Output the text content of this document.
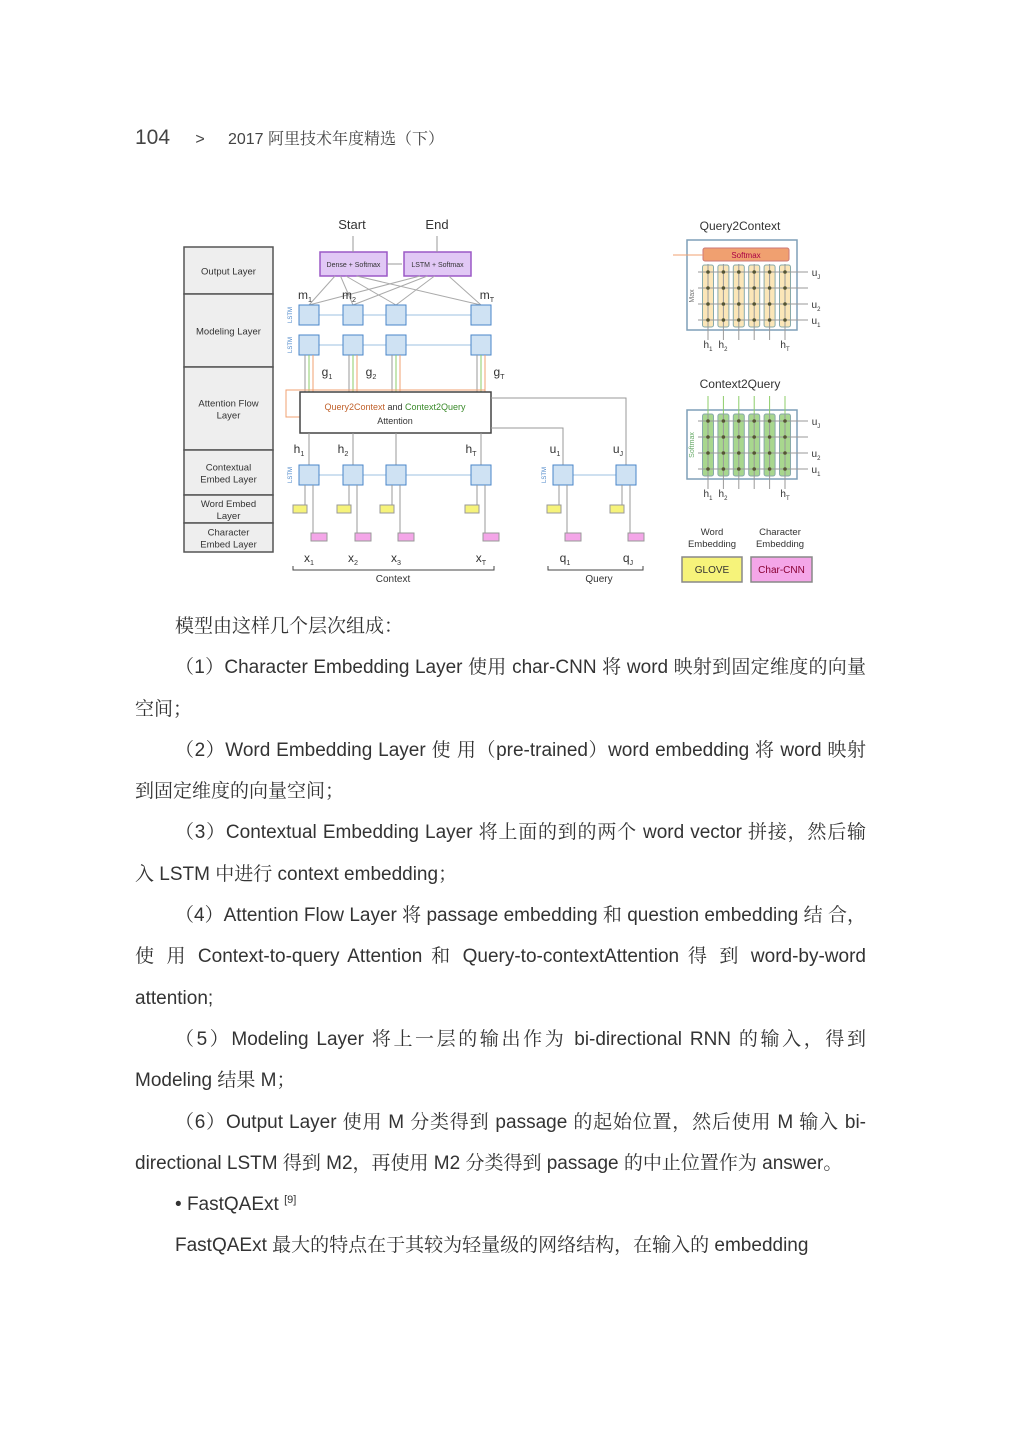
104 > 2017 阿里技术年度精选（下）
Output Layer
Modeling Layer
Attention Flow
Layer
Contextual
Embed Layer
Word Embed
Layer
Character
Embed Layer
Dense + Softmax	LSTM + Softmax
Start	End
LSTM
LSTM
$m_1$	$m_2$	$m_T$
$g_1$	$g_2$	$g_T$
Query2Context and Context2Query
Attention
LSTM	LSTM
$h_1$	$h_2$	$h_T$	$u_1$	$u_J$
$x_1$	$x_2$	$x_3$	$x_T$	$q_1$	$q_J$
Context	Query
Query2Context
$u_J$
$u_2$
$u_1$
$h_1$ $h_2$	$h_T$
Softmax
Max
Context2Query
$u_J$
$u_2$
$u_1$
$h_1$ $h_2$	$h_T$
Softmax
Word
Embedding
Character
Embedding
GLOVE	Char-CNN

模型由这样几个层次组成：

（1）Character Embedding Layer 使用 char-CNN 将 word 映射到固定维度的向量空间；

（2）Word Embedding Layer 使 用（pre-trained）word embedding 将 word 映射到固定维度的向量空间；

（3）Contextual Embedding Layer 将上面的到的两个 word vector 拼接，然后输入 LSTM 中进行 context embedding；

（4）Attention Flow Layer 将 passage embedding 和 question embedding 结 合， 使 用 Context-to-query Attention 和 Query-to-contextAttention 得 到 word-by-word attention;

（5）Modeling Layer 将上一层的输出作为 bi-directional RNN 的输入，得到 Modeling 结果 M；

（6）Output Layer 使用 M 分类得到 passage 的起始位置，然后使用 M 输入 bi-directional LSTM 得到 M2，再使用 M2 分类得到 passage 的中止位置作为 answer。

• FastQAExt [9]

FastQAExt 最大的特点在于其较为轻量级的网络结构，在输入的 embedding
